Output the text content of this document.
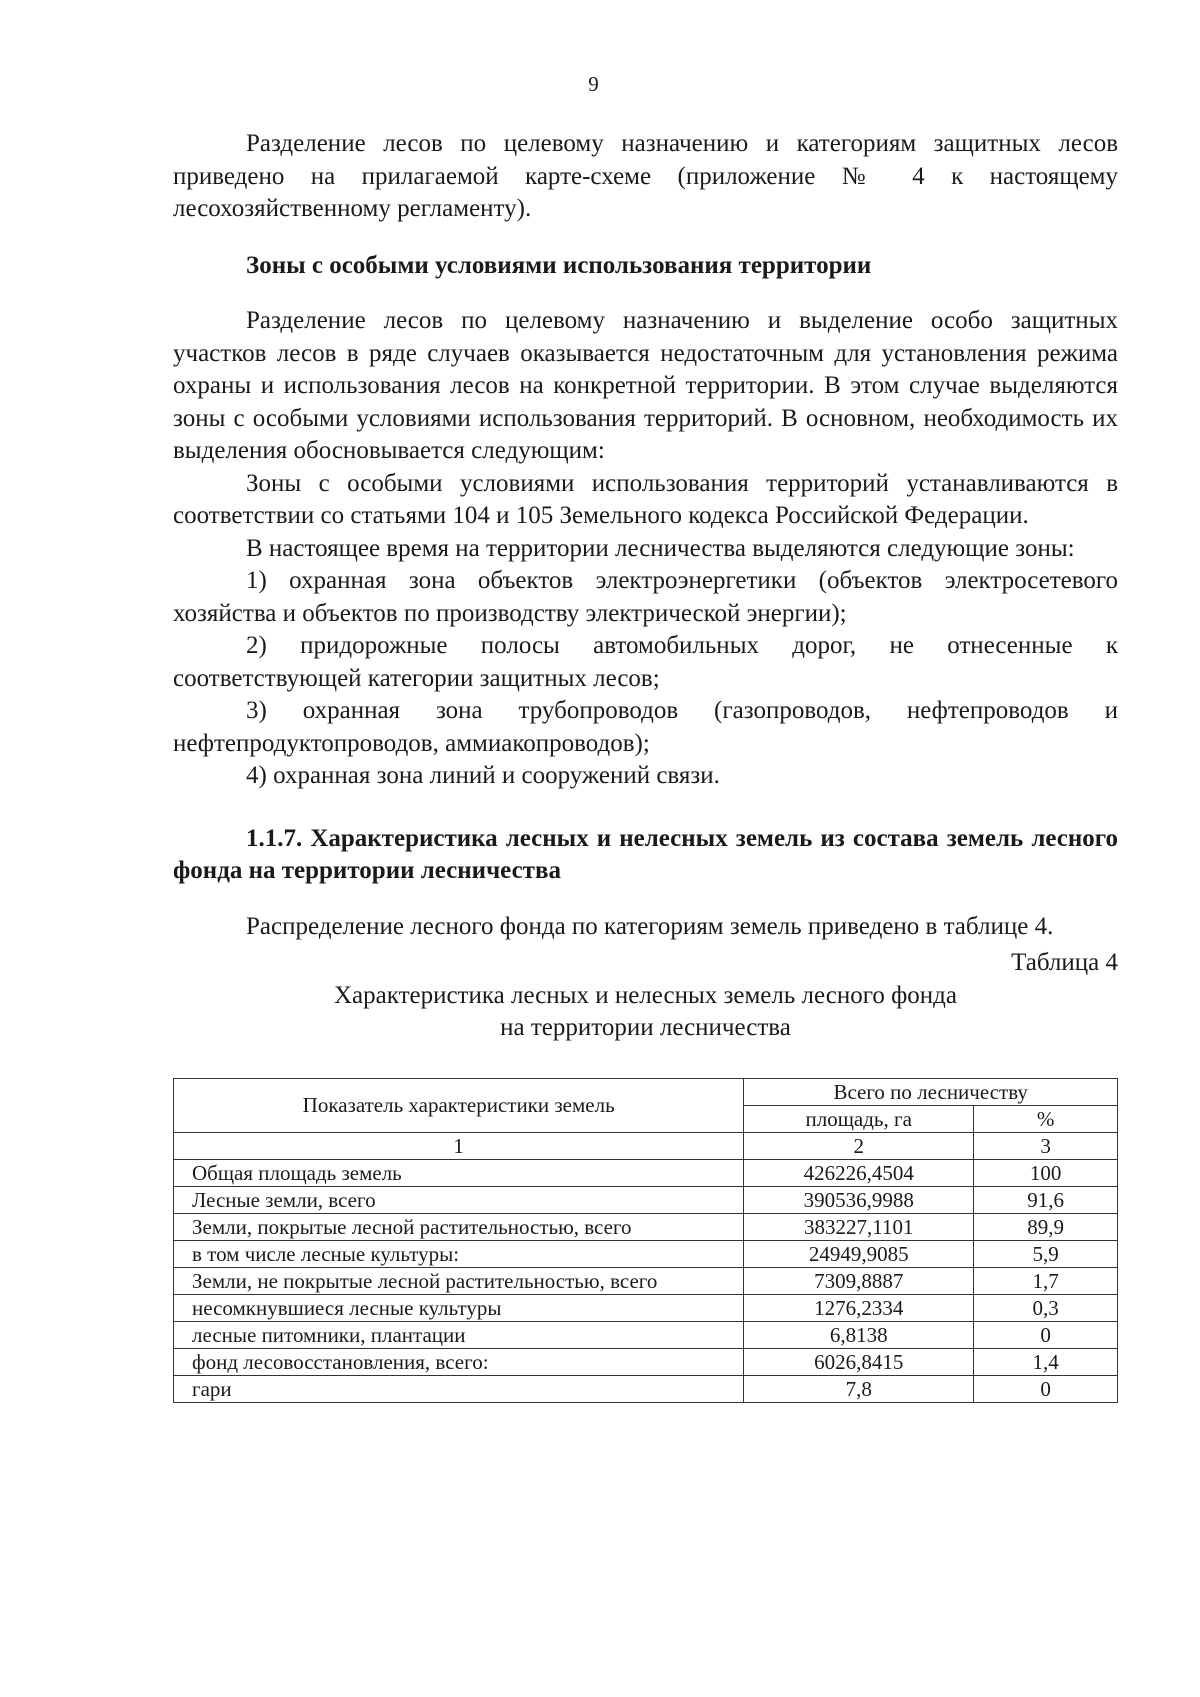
9

Разделение лесов по целевому назначению и категориям защитных лесов приведено на прилагаемой карте-схеме (приложение № 4 к настоящему лесохозяйственному регламенту).

Зоны с особыми условиями использования территории

Разделение лесов по целевому назначению и выделение особо защитных участков лесов в ряде случаев оказывается недостаточным для установления режима охраны и использования лесов на конкретной территории. В этом случае выделяются зоны с особыми условиями использования территорий. В основном, необходимость их выделения обосновывается следующим:

Зоны с особыми условиями использования территорий устанавливаются в соответствии со статьями 104 и 105 Земельного кодекса Российской Федерации.

В настоящее время на территории лесничества выделяются следующие зоны:

1) охранная зона объектов электроэнергетики (объектов электросетевого хозяйства и объектов по производству электрической энергии);

2) придорожные полосы автомобильных дорог, не отнесенные к соответствующей категории защитных лесов;

3) охранная зона трубопроводов (газопроводов, нефтепроводов и нефтепродуктопроводов, аммиакопроводов);

4) охранная зона линий и сооружений связи.

1.1.7. Характеристика лесных и нелесных земель из состава земель лесного фонда на территории лесничества

Распределение лесного фонда по категориям земель приведено в таблице 4.

Таблица 4
Характеристика лесных и нелесных земель лесного фонда
на территории лесничества
Показатель характеристики земель	Всего по лесничеству	
	площадь, га	%
1	2	3
Общая площадь земель	426226,4504	100
Лесные земли, всего	390536,9988	91,6
Земли, покрытые лесной растительностью, всего	383227,1101	89,9
в том числе лесные культуры:	24949,9085	5,9
Земли, не покрытые лесной растительностью, всего	7309,8887	1,7
несомкнувшиеся лесные культуры	1276,2334	0,3
лесные питомники, плантации	6,8138	0
фонд лесовосстановления, всего:	6026,8415	1,4
гари	7,8	0
